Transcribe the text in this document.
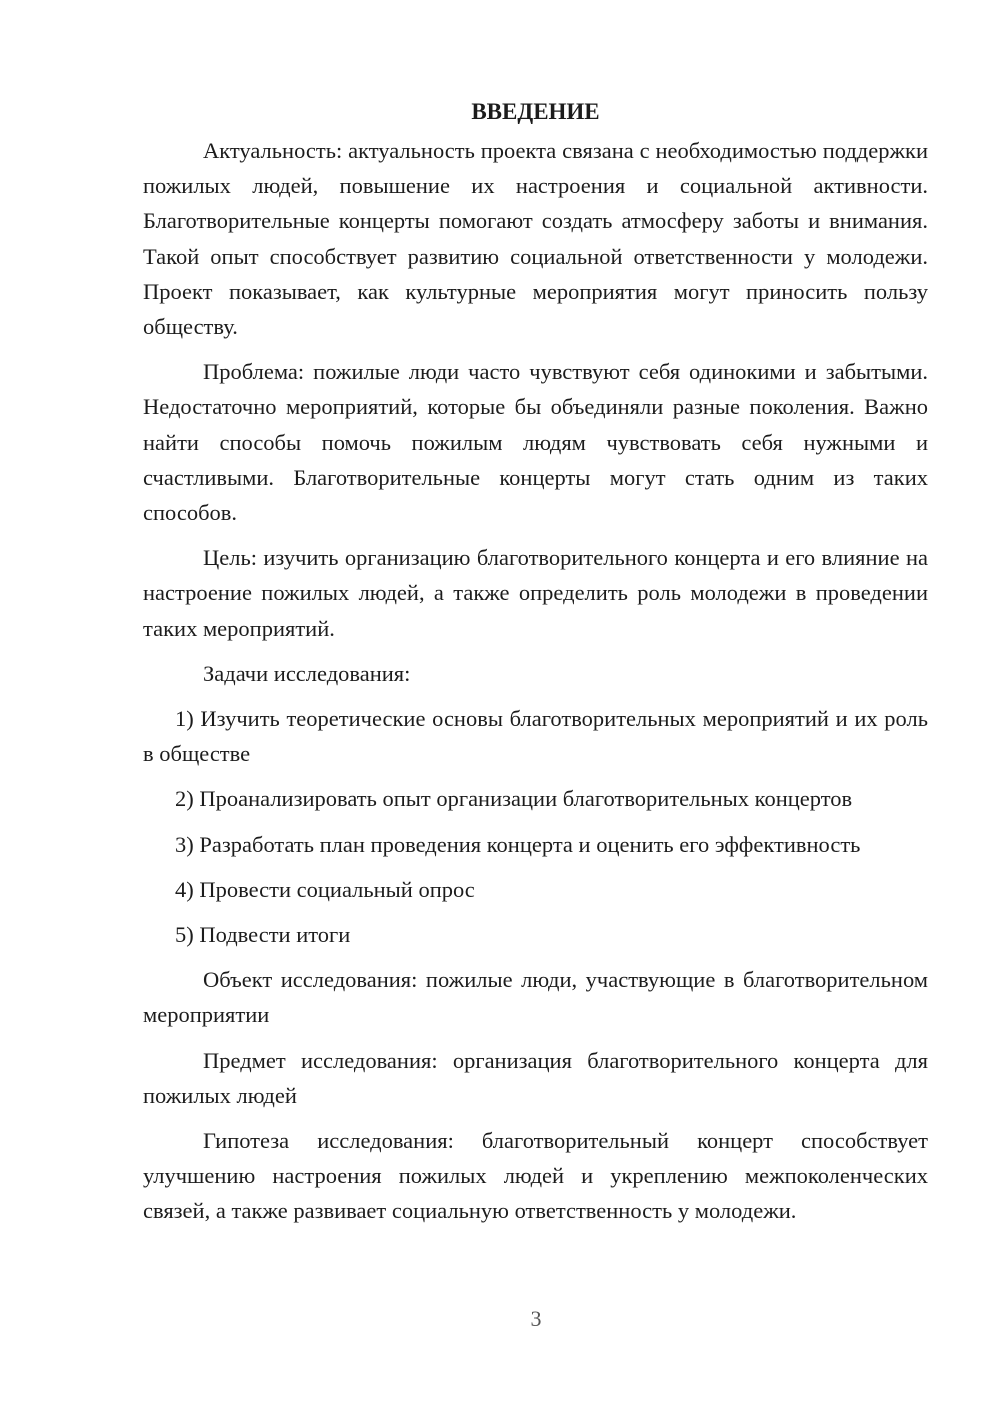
ВВЕДЕНИЕ

Актуальность: актуальность проекта связана с необходимостью поддержки пожилых людей, повышение их настроения и социальной активности. Благотворительные концерты помогают создать атмосферу заботы и внимания. Такой опыт способствует развитию социальной ответственности у молодежи. Проект показывает, как культурные мероприятия могут приносить пользу обществу.

Проблема: пожилые люди часто чувствуют себя одинокими и забытыми. Недостаточно мероприятий, которые бы объединяли разные поколения. Важно найти способы помочь пожилым людям чувствовать себя нужными и счастливыми. Благотворительные концерты могут стать одним из таких способов.

Цель: изучить организацию благотворительного концерта и его влияние на настроение пожилых людей, а также определить роль молодежи в проведении таких мероприятий.

Задачи исследования:

1) Изучить теоретические основы благотворительных мероприятий и их роль в обществе

2) Проанализировать опыт организации благотворительных концертов

3) Разработать план проведения концерта и оценить его эффективность

4) Провести социальный опрос

5) Подвести итоги

Объект исследования: пожилые люди, участвующие в благотворительном мероприятии

Предмет исследования: организация благотворительного концерта для пожилых людей

Гипотеза исследования: благотворительный концерт способствует улучшению настроения пожилых людей и укреплению межпоколенческих связей, а также развивает социальную ответственность у молодежи.

3
